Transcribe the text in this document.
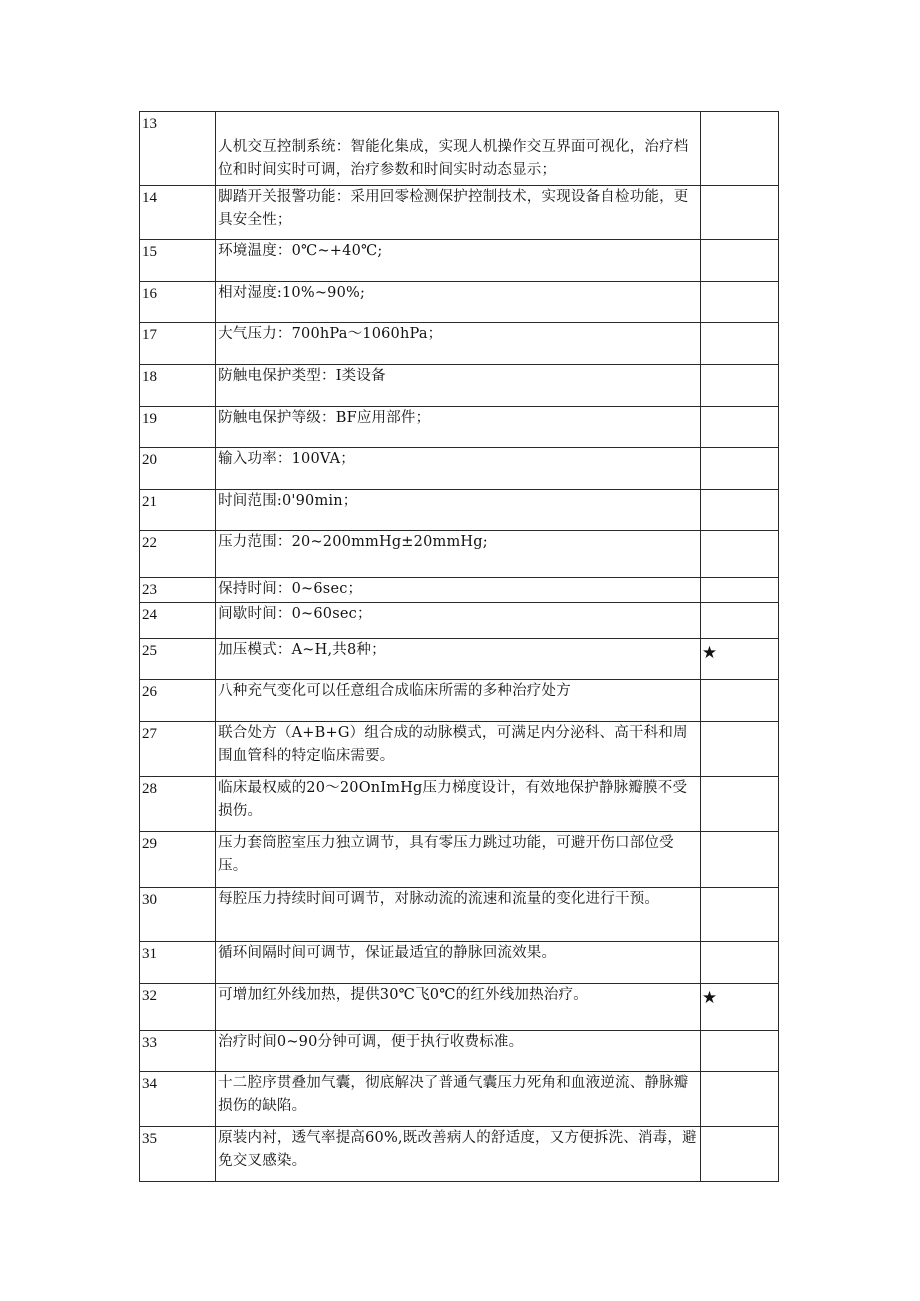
13	人机交互控制系统：智能化集成，实现人机操作交互界面可视化，治疗档位和时间实时可调，治疗参数和时间实时动态显示；	
14	脚踏开关报警功能：采用回零检测保护控制技术，实现设备自检功能，更具安全性；	
15	环境温度：0℃~+40℃;	
16	相对湿度:10%~90%;	
17	大气压力：700hPa～1060hPa；	
18	防触电保护类型：I类设备	
19	防触电保护等级：BF应用部件；	
20	输入功率：100VA；	
21	时间范围:0'90min；	
22	压力范围：20~200mmHg±20mmHg;	
23	保持时间：0~6sec；	
24	间歇时间：0~60sec；	
25	加压模式：A~H,共8种；	★
26	八种充气变化可以任意组合成临床所需的多种治疗处方	
27	联合处方（A+B+G）组合成的动脉模式，可满足内分泌科、高干科和周围血管科的特定临床需要。	
28	临床最权威的20～20OnImHg压力梯度设计，有效地保护静脉瓣膜不受损伤。	
29	压力套筒腔室压力独立调节，具有零压力跳过功能，可避开伤口部位受压。	
30	每腔压力持续时间可调节，对脉动流的流速和流量的变化进行干预。	
31	循环间隔时间可调节，保证最适宜的静脉回流效果。	
32	可增加红外线加热，提供30℃飞0℃的红外线加热治疗。	★
33	治疗时间0~90分钟可调，便于执行收费标准。	
34	十二腔序贯叠加气囊，彻底解决了普通气囊压力死角和血液逆流、静脉瓣损伤的缺陷。	
35	原装内衬，透气率提高60%,既改善病人的舒适度，又方便拆洗、消毒，避免交叉感染。	
